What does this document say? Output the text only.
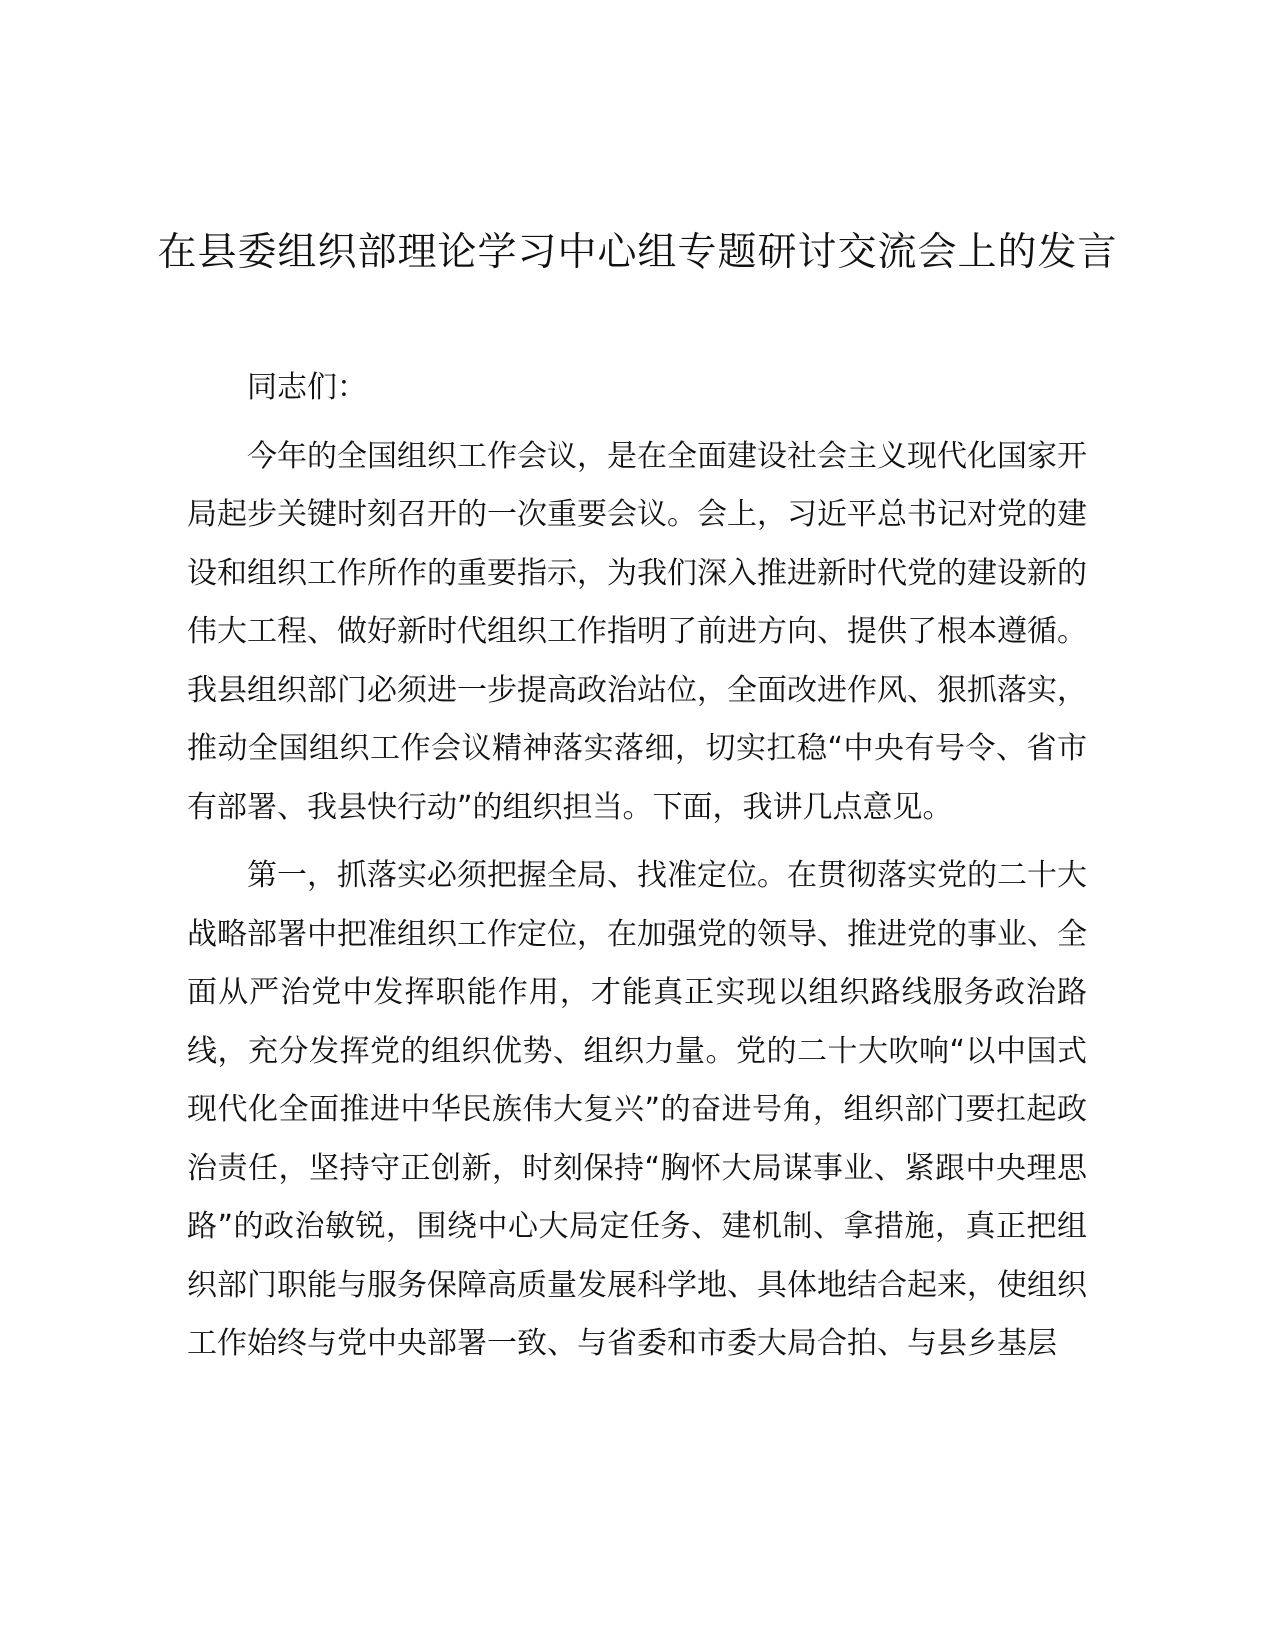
在县委组织部理论学习中心组专题研讨交流会上的发言

同志们：

今年的全国组织工作会议，是在全面建设社会主义现代化国家开局起步关键时刻召开的一次重要会议。会上，习近平总书记对党的建设和组织工作所作的重要指示，为我们深入推进新时代党的建设新的伟大工程、做好新时代组织工作指明了前进方向、提供了根本遵循。我县组织部门必须进一步提高政治站位，全面改进作风、狠抓落实，推动全国组织工作会议精神落实落细，切实扛稳“中央有号令、省市有部署、我县快行动”的组织担当。下面，我讲几点意见。

第一，抓落实必须把握全局、找准定位。在贯彻落实党的二十大战略部署中把准组织工作定位，在加强党的领导、推进党的事业、全面从严治党中发挥职能作用，才能真正实现以组织路线服务政治路线，充分发挥党的组织优势、组织力量。党的二十大吹响“以中国式现代化全面推进中华民族伟大复兴”的奋进号角，组织部门要扛起政治责任，坚持守正创新，时刻保持“胸怀大局谋事业、紧跟中央理思路”的政治敏锐，围绕中心大局定任务、建机制、拿措施，真正把组织部门职能与服务保障高质量发展科学地、具体地结合起来，使组织工作始终与党中央部署一致、与省委和市委大局合拍、与县乡基层
